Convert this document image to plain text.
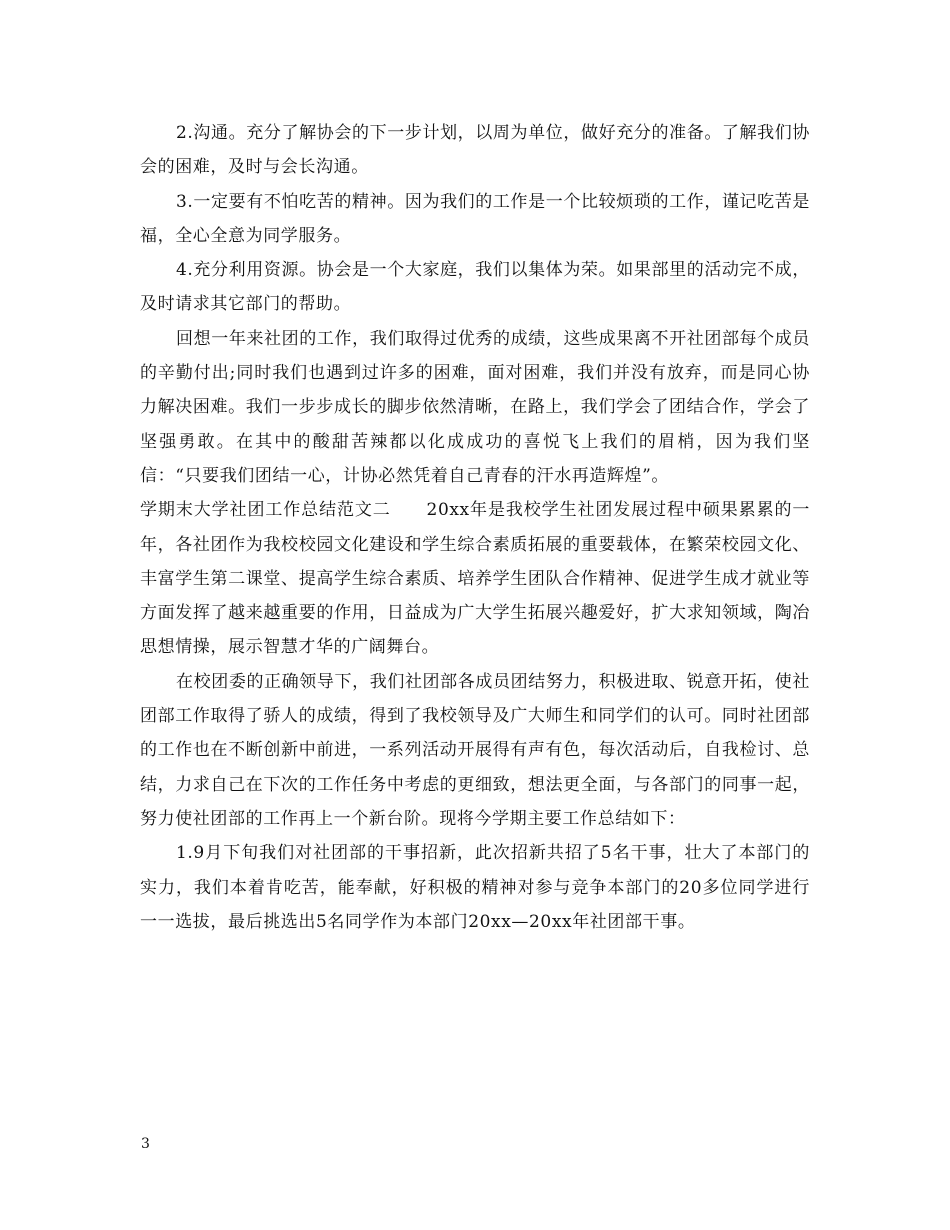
2.沟通。充分了解协会的下一步计划，以周为单位，做好充分的准备。了解我们协会的困难，及时与会长沟通。

3.一定要有不怕吃苦的精神。因为我们的工作是一个比较烦琐的工作，谨记吃苦是福，全心全意为同学服务。

4.充分利用资源。协会是一个大家庭，我们以集体为荣。如果部里的活动完不成，及时请求其它部门的帮助。

回想一年来社团的工作，我们取得过优秀的成绩，这些成果离不开社团部每个成员的辛勤付出;同时我们也遇到过许多的困难，面对困难，我们并没有放弃，而是同心协力解决困难。我们一步步成长的脚步依然清晰，在路上，我们学会了团结合作，学会了坚强勇敢。在其中的酸甜苦辣都以化成成功的喜悦飞上我们的眉梢，因为我们坚信：“只要我们团结一心，计协必然凭着自己青春的汗水再造辉煌”。

学期末大学社团工作总结范文二　　20xx年是我校学生社团发展过程中硕果累累的一年，各社团作为我校校园文化建设和学生综合素质拓展的重要载体，在繁荣校园文化、丰富学生第二课堂、提高学生综合素质、培养学生团队合作精神、促进学生成才就业等方面发挥了越来越重要的作用，日益成为广大学生拓展兴趣爱好，扩大求知领域，陶冶思想情操，展示智慧才华的广阔舞台。

在校团委的正确领导下，我们社团部各成员团结努力，积极进取、锐意开拓，使社团部工作取得了骄人的成绩，得到了我校领导及广大师生和同学们的认可。同时社团部的工作也在不断创新中前进，一系列活动开展得有声有色，每次活动后，自我检讨、总结，力求自己在下次的工作任务中考虑的更细致，想法更全面，与各部门的同事一起，努力使社团部的工作再上一个新台阶。现将今学期主要工作总结如下：

1.9月下旬我们对社团部的干事招新，此次招新共招了5名干事，壮大了本部门的实力，我们本着肯吃苦，能奉献，好积极的精神对参与竞争本部门的20多位同学进行一一选拔，最后挑选出5名同学作为本部门20xx—20xx年社团部干事。

3
